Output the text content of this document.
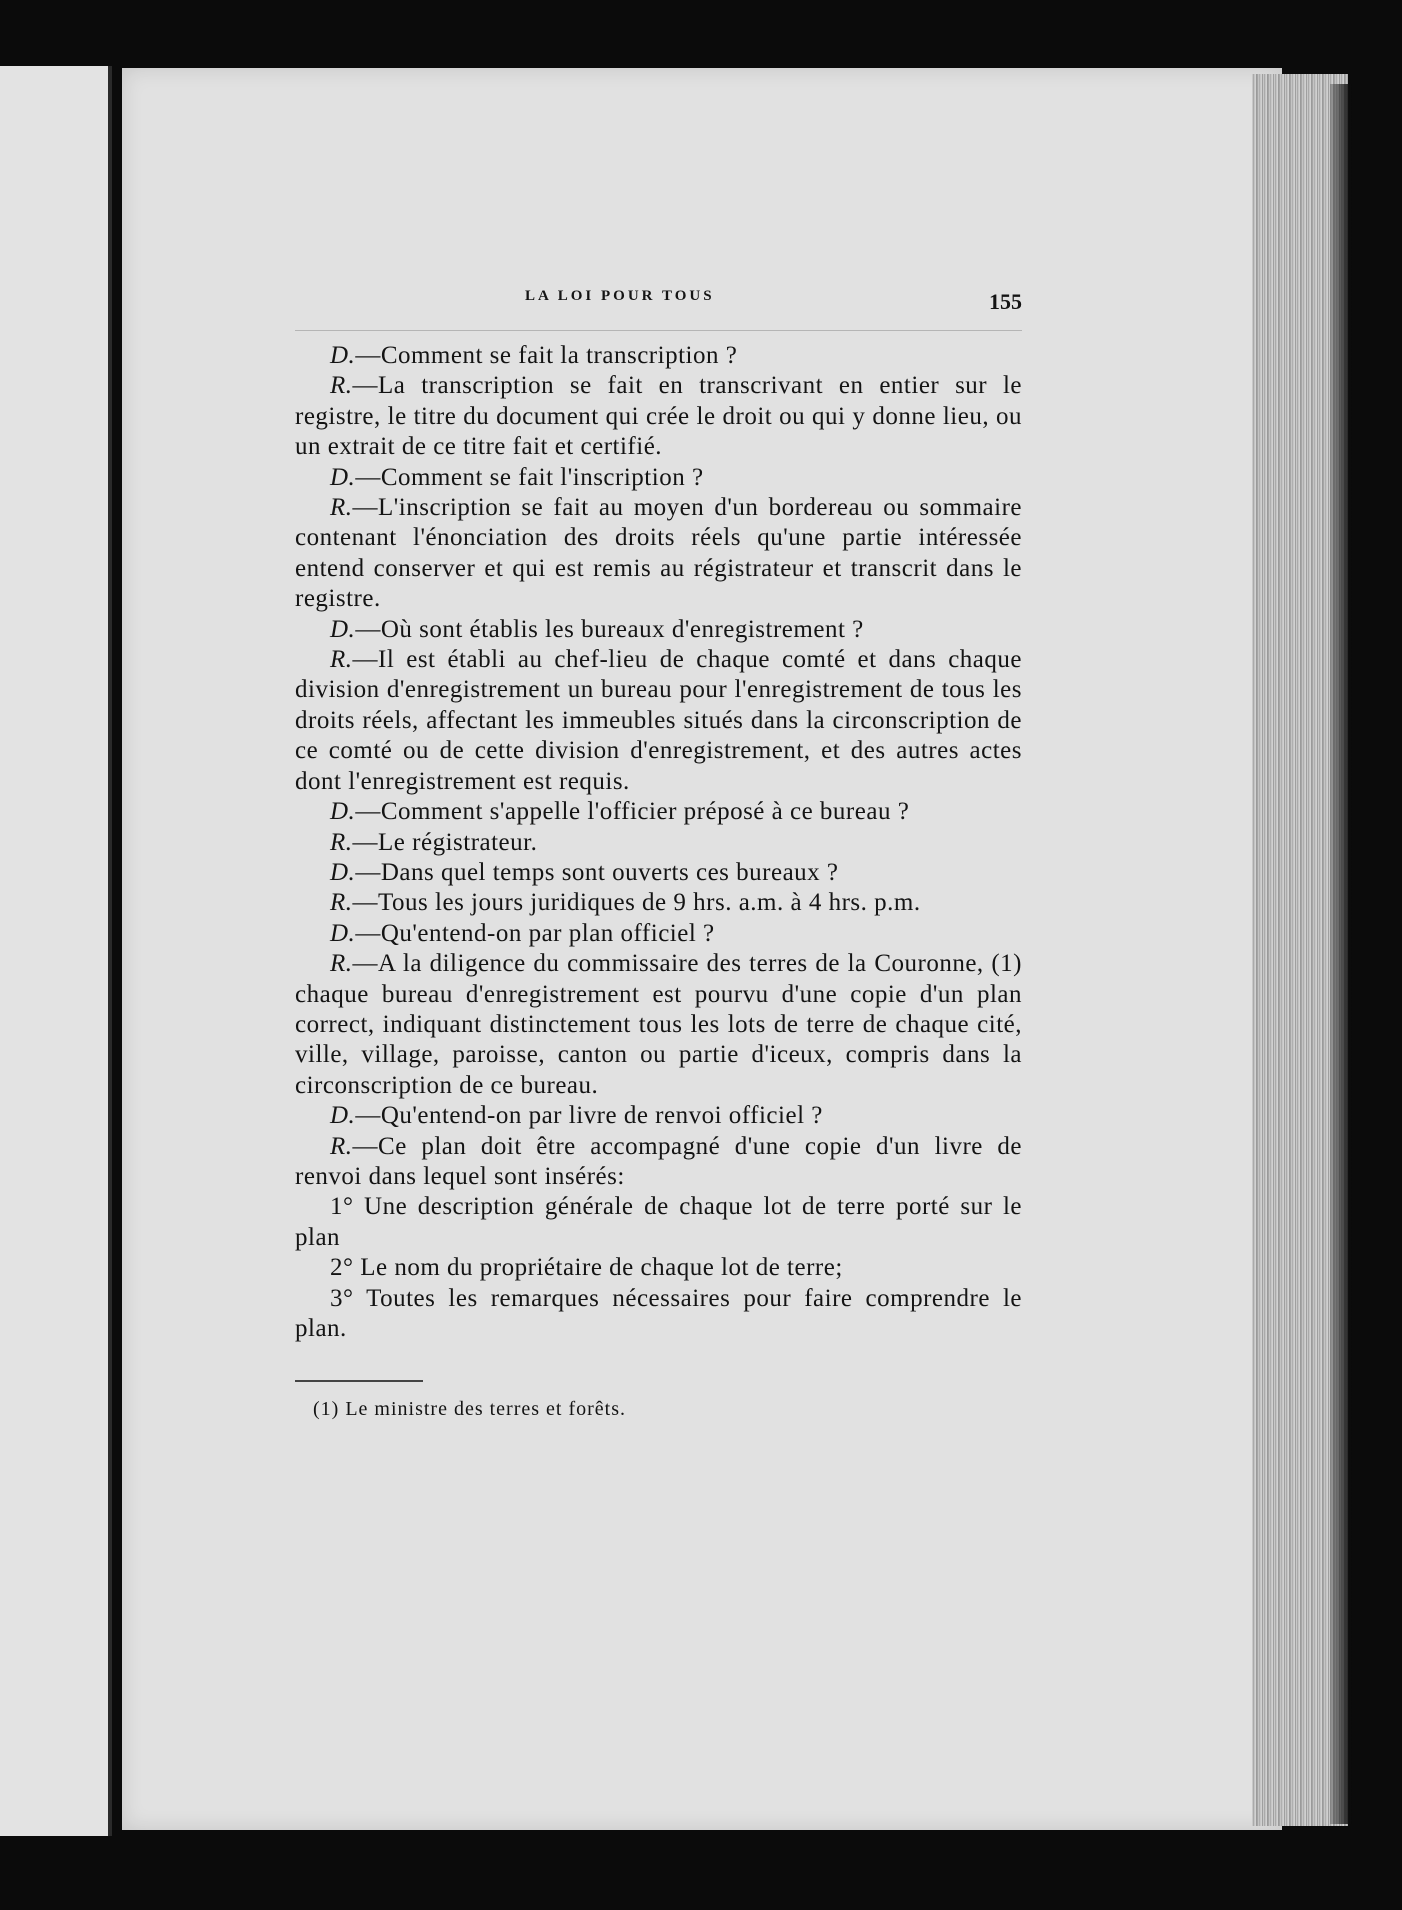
LA LOI POUR TOUS	155

D.—Comment se fait la transcription ?

R.—La transcription se fait en transcrivant en entier sur le registre, le titre du document qui crée le droit ou qui y donne lieu, ou un extrait de ce titre fait et certifié.

D.—Comment se fait l'inscription ?

R.—L'inscription se fait au moyen d'un bordereau ou sommaire contenant l'énonciation des droits réels qu'une partie intéressée entend conserver et qui est remis au régistrateur et transcrit dans le registre.

D.—Où sont établis les bureaux d'enregistrement ?

R.—Il est établi au chef-lieu de chaque comté et dans chaque division d'enregistrement un bureau pour l'enregistrement de tous les droits réels, affectant les immeubles situés dans la circonscription de ce comté ou de cette division d'enregistrement, et des autres actes dont l'enregistrement est requis.

D.—Comment s'appelle l'officier préposé à ce bureau ?

R.—Le régistrateur.

D.—Dans quel temps sont ouverts ces bureaux ?

R.—Tous les jours juridiques de 9 hrs. a.m. à 4 hrs. p.m.

D.—Qu'entend-on par plan officiel ?

R.—A la diligence du commissaire des terres de la Couronne, (1) chaque bureau d'enregistrement est pourvu d'une copie d'un plan correct, indiquant distinctement tous les lots de terre de chaque cité, ville, village, paroisse, canton ou partie d'iceux, compris dans la circonscription de ce bureau.

D.—Qu'entend-on par livre de renvoi officiel ?

R.—Ce plan doit être accompagné d'une copie d'un livre de renvoi dans lequel sont insérés:

1° Une description générale de chaque lot de terre porté sur le plan

2° Le nom du propriétaire de chaque lot de terre;

3° Toutes les remarques nécessaires pour faire comprendre le plan.

(1) Le ministre des terres et forêts.
